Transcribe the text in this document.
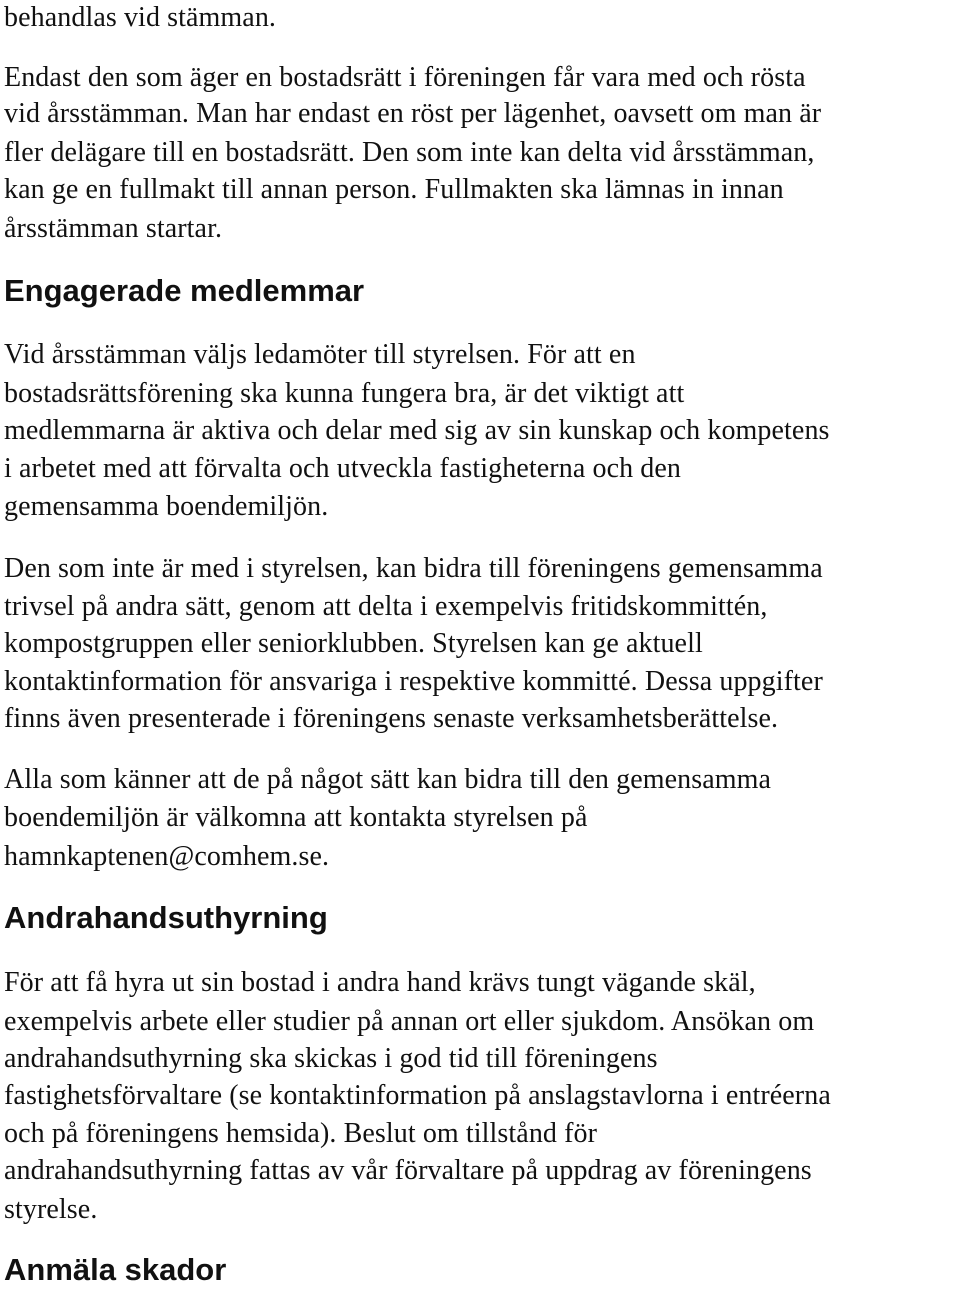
behandlas vid stämman.
Endast den som äger en bostadsrätt i föreningen får vara med och rösta
vid årsstämman. Man har endast en röst per lägenhet, oavsett om man är
fler delägare till en bostadsrätt. Den som inte kan delta vid årsstämman,
kan ge en fullmakt till annan person. Fullmakten ska lämnas in innan
årsstämman startar.
Engagerade medlemmar
Vid årsstämman väljs ledamöter till styrelsen. För att en
bostadsrättsförening ska kunna fungera bra, är det viktigt att
medlemmarna är aktiva och delar med sig av sin kunskap och kompetens
i arbetet med att förvalta och utveckla fastigheterna och den
gemensamma boendemiljön.
Den som inte är med i styrelsen, kan bidra till föreningens gemensamma
trivsel på andra sätt, genom att delta i exempelvis fritidskommittén,
kompostgruppen eller seniorklubben. Styrelsen kan ge aktuell
kontaktinformation för ansvariga i respektive kommitté. Dessa uppgifter
finns även presenterade i föreningens senaste verksamhetsberättelse.
Alla som känner att de på något sätt kan bidra till den gemensamma
boendemiljön är välkomna att kontakta styrelsen på
hamnkaptenen@comhem.se.
Andrahandsuthyrning
För att få hyra ut sin bostad i andra hand krävs tungt vägande skäl,
exempelvis arbete eller studier på annan ort eller sjukdom. Ansökan om
andrahandsuthyrning ska skickas i god tid till föreningens
fastighetsförvaltare (se kontaktinformation på anslagstavlorna i entréerna
och på föreningens hemsida). Beslut om tillstånd för
andrahandsuthyrning fattas av vår förvaltare på uppdrag av föreningens
styrelse.
Anmäla skador
